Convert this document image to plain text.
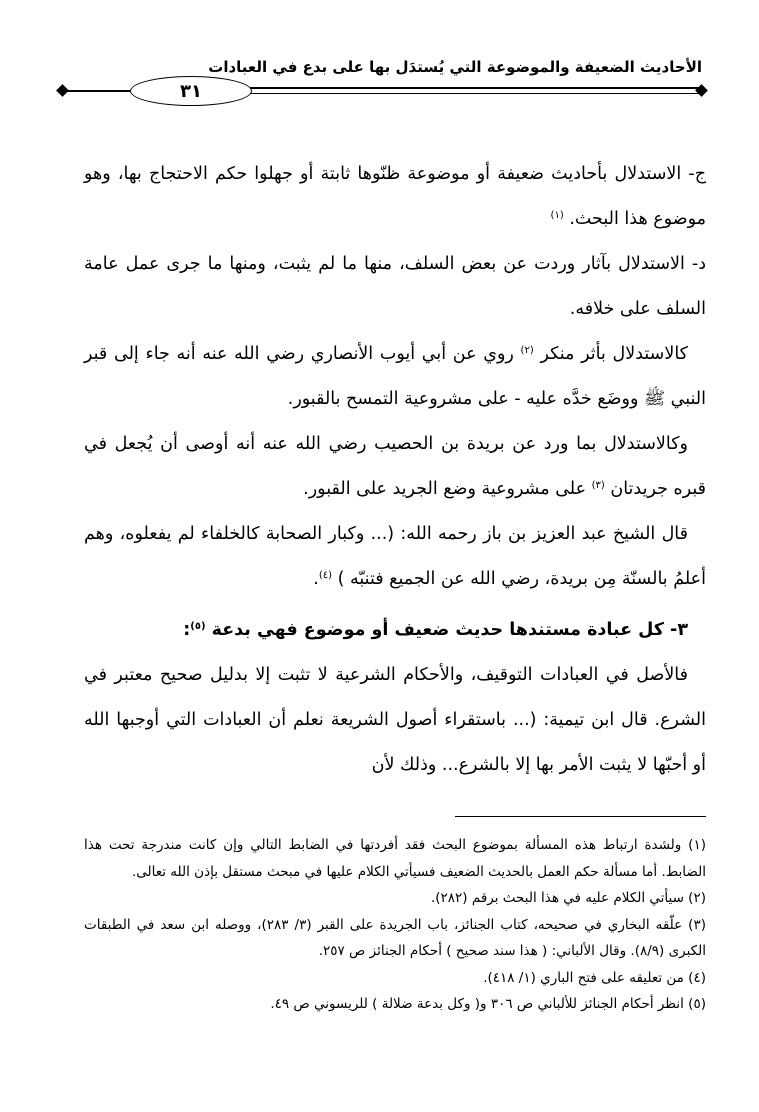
الأحاديث الضعيفة والموضوعة التي يُستدَل بها على بدع في العبادات
٣١

ج- الاستدلال بأحاديث ضعيفة أو موضوعة ظنّوها ثابتة أو جهلوا حكم الاحتجاج بها، وهو موضوع هذا البحث. $^{(١)}$

د- الاستدلال بآثار وردت عن بعض السلف، منها ما لم يثبت، ومنها ما جرى عمل عامة السلف على خلافه.

كالاستدلال بأثر منكر $^{(٢)}$ روي عن أبي أيوب الأنصاري رضي الله عنه أنه جاء إلى قبر النبي ﷺ ووضَع خدَّه عليه - على مشروعية التمسح بالقبور.

وكالاستدلال بما ورد عن بريدة بن الحصيب رضي الله عنه أنه أوصى أن يُجعل في قبره جريدتان $^{(٣)}$ على مشروعية وضع الجريد على القبور.

قال الشيخ عبد العزيز بن باز رحمه الله: (... وكبار الصحابة كالخلفاء لم يفعلوه، وهم أعلمُ بالسنّة مِن بريدة، رضي الله عن الجميع فتنبّه ) $^{(٤)}$.

٣- كل عبادة مستندها حديث ضعيف أو موضوع فهي بدعة $^{(٥)}$:

فالأصل في العبادات التوقيف، والأحكام الشرعية لا تثبت إلا بدليل صحيح معتبر في الشرع. قال ابن تيمية: (... باستقراء أصول الشريعة نعلم أن العبادات التي أوجبها الله أو أحبّها لا يثبت الأمر بها إلا بالشرع... وذلك لأن

(١) ولشدة ارتباط هذه المسألة بموضوع البحث فقد أفردتها في الضابط التالي وإن كانت مندرجة تحت هذا الضابط. أما مسألة حكم العمل بالحديث الضعيف فسيأتي الكلام عليها في مبحث مستقل بإذن الله تعالى.

(٢) سيأتي الكلام عليه في هذا البحث برقم (٢٨٢).

(٣) علّقه البخاري في صحيحه، كتاب الجنائز، باب الجريدة على القبر (٣/ ٢٨٣)، ووصله ابن سعد في الطبقات الكبرى (٨/٩). وقال الألباني: ( هذا سند صحيح ) أحكام الجنائز ص ٢٥٧.

(٤) من تعليقه على فتح الباري (١/ ٤١٨).

(٥) انظر أحكام الجنائز للألباني ص ٣٠٦ و( وكل بدعة ضلالة ) للريسوني ص ٤٩.
